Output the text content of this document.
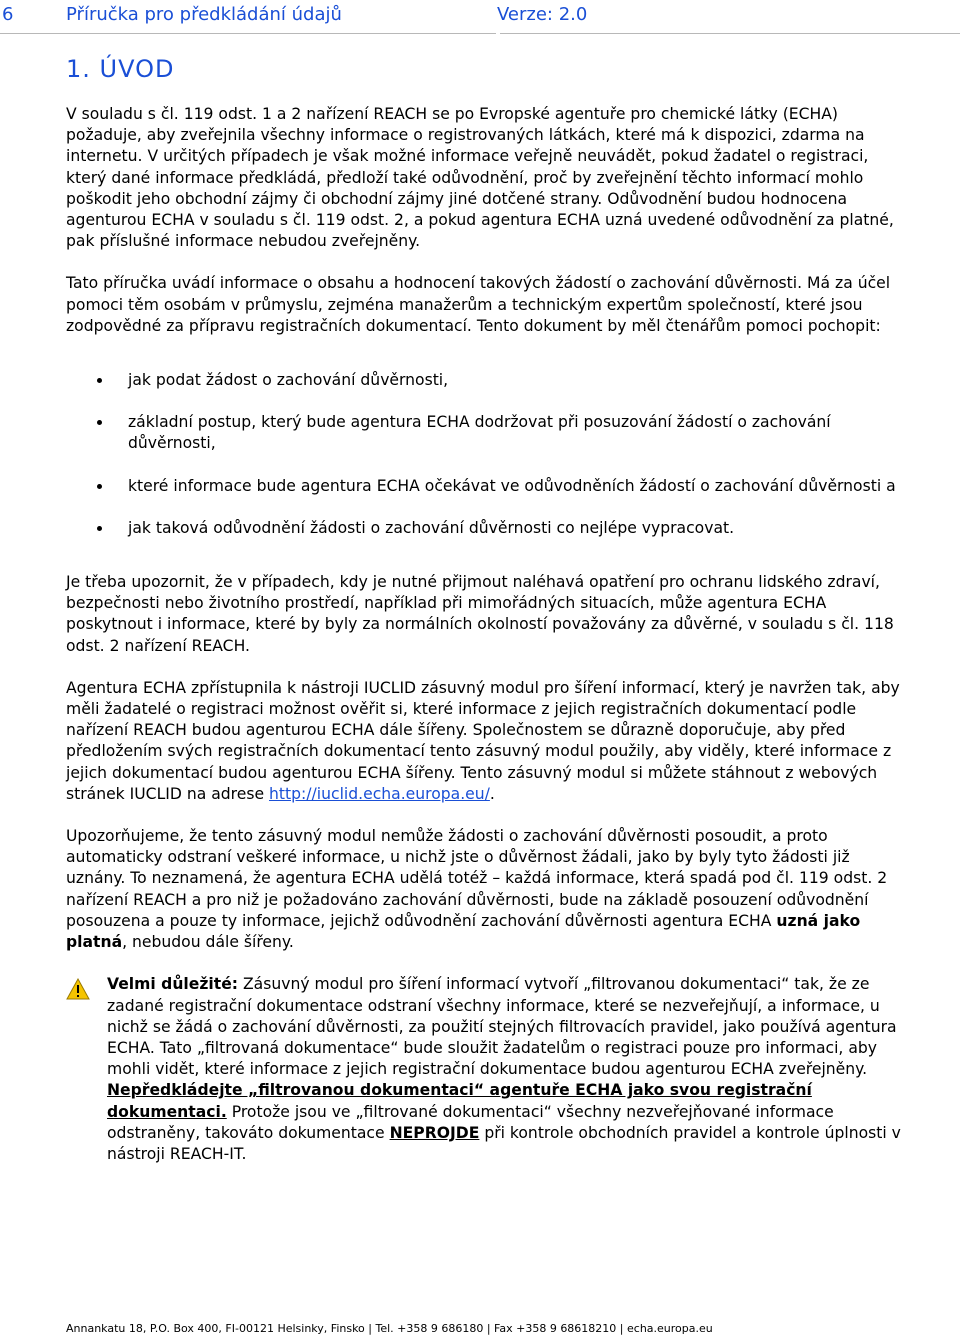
6	Příručka pro předkládání údajů	Verze: 2.0
1. ÚVOD

V souladu s čl. 119 odst. 1 a 2 nařízení REACH se po Evropské agentuře pro chemické látky (ECHA) požaduje, aby zveřejnila všechny informace o registrovaných látkách, které má k dispozici, zdarma na internetu. V určitých případech je však možné informace veřejně neuvádět, pokud žadatel o registraci, který dané informace předkládá, předloží také odůvodnění, proč by zveřejnění těchto informací mohlo poškodit jeho obchodní zájmy či obchodní zájmy jiné dotčené strany. Odůvodnění budou hodnocena agenturou ECHA v souladu s čl. 119 odst. 2, a pokud agentura ECHA uzná uvedené odůvodnění za platné, pak příslušné informace nebudou zveřejněny.

Tato příručka uvádí informace o obsahu a hodnocení takových žádostí o zachování důvěrnosti. Má za účel pomoci těm osobám v průmyslu, zejména manažerům a technickým expertům společností, které jsou zodpovědné za přípravu registračních dokumentací. Tento dokument by měl čtenářům pomoci pochopit:

jak podat žádost o zachování důvěrnosti,
základní postup, který bude agentura ECHA dodržovat při posuzování žádostí o zachování důvěrnosti,
které informace bude agentura ECHA očekávat ve odůvodněních žádostí o zachování důvěrnosti a
jak taková odůvodnění žádosti o zachování důvěrnosti co nejlépe vypracovat.

Je třeba upozornit, že v případech, kdy je nutné přijmout naléhavá opatření pro ochranu lidského zdraví, bezpečnosti nebo životního prostředí, například při mimořádných situacích, může agentura ECHA poskytnout i informace, které by byly za normálních okolností považovány za důvěrné, v souladu s čl. 118 odst. 2 nařízení REACH.

Agentura ECHA zpřístupnila k nástroji IUCLID zásuvný modul pro šíření informací, který je navržen tak, aby měli žadatelé o registraci možnost ověřit si, které informace z jejich registračních dokumentací podle nařízení REACH budou agenturou ECHA dále šířeny. Společnostem se důrazně doporučuje, aby před předložením svých registračních dokumentací tento zásuvný modul použily, aby viděly, které informace z jejich dokumentací budou agenturou ECHA šířeny. Tento zásuvný modul si můžete stáhnout z webových stránek IUCLID na adrese http://iuclid.echa.europa.eu/.

Upozorňujeme, že tento zásuvný modul nemůže žádosti o zachování důvěrnosti posoudit, a proto automaticky odstraní veškeré informace, u nichž jste o důvěrnost žádali, jako by byly tyto žádosti již uznány. To neznamená, že agentura ECHA udělá totéž – každá informace, která spadá pod čl. 119 odst. 2 nařízení REACH a pro niž je požadováno zachování důvěrnosti, bude na základě posouzení odůvodnění posouzena a pouze ty informace, jejichž odůvodnění zachování důvěrnosti agentura ECHA uzná jako platná, nebudou dále šířeny.

Velmi důležité: Zásuvný modul pro šíření informací vytvoří „filtrovanou dokumentaci“ tak, že ze zadané registrační dokumentace odstraní všechny informace, které se nezveřejňují, a informace, u nichž se žádá o zachování důvěrnosti, za použití stejných filtrovacích pravidel, jako používá agentura ECHA. Tato „filtrovaná dokumentace“ bude sloužit žadatelům o registraci pouze pro informaci, aby mohli vidět, které informace z jejich registrační dokumentace budou agenturou ECHA zveřejněny. Nepředkládejte „filtrovanou dokumentaci“ agentuře ECHA jako svou registrační dokumentaci. Protože jsou ve „filtrované dokumentaci“ všechny nezveřejňované informace odstraněny, takováto dokumentace NEPROJDE při kontrole obchodních pravidel a kontrole úplnosti v nástroji REACH-IT.
Annankatu 18, P.O. Box 400, FI-00121 Helsinky, Finsko | Tel. +358 9 686180 | Fax +358 9 68618210 | echa.europa.eu
